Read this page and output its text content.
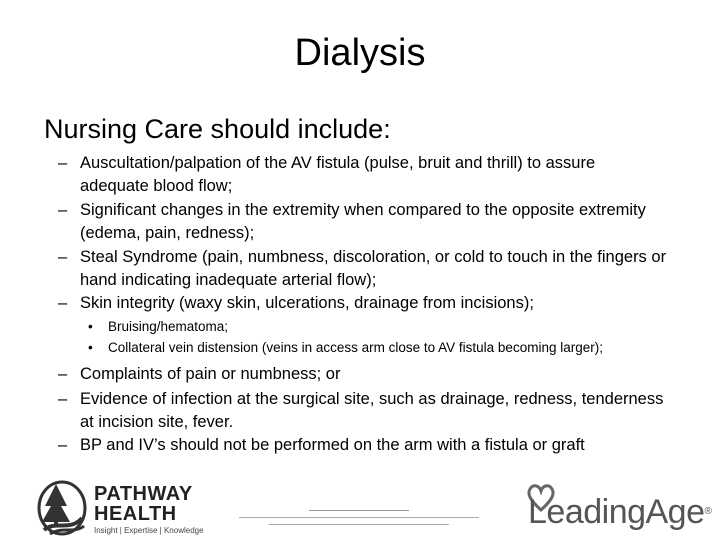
Dialysis
Nursing Care should include:
– Auscultation/palpation of the AV fistula (pulse, bruit and thrill) to assure adequate blood flow;
– Significant changes in the extremity when compared to the opposite extremity (edema, pain, redness);
– Steal Syndrome (pain, numbness, discoloration, or cold to touch in the fingers or hand indicating inadequate arterial flow);
– Skin integrity (waxy skin, ulcerations, drainage from incisions);
• Bruising/hematoma;
• Collateral vein distension (veins in access arm close to AV fistula becoming larger);
– Complaints of pain or numbness; or
– Evidence of infection at the surgical site, such as drainage, redness, tenderness at incision site, fever.
– BP and IV’s should not be performed on the arm with a fistula or graft
PATHWAY HEALTH
Insight | Expertise | Knowledge	LeadingAge®
